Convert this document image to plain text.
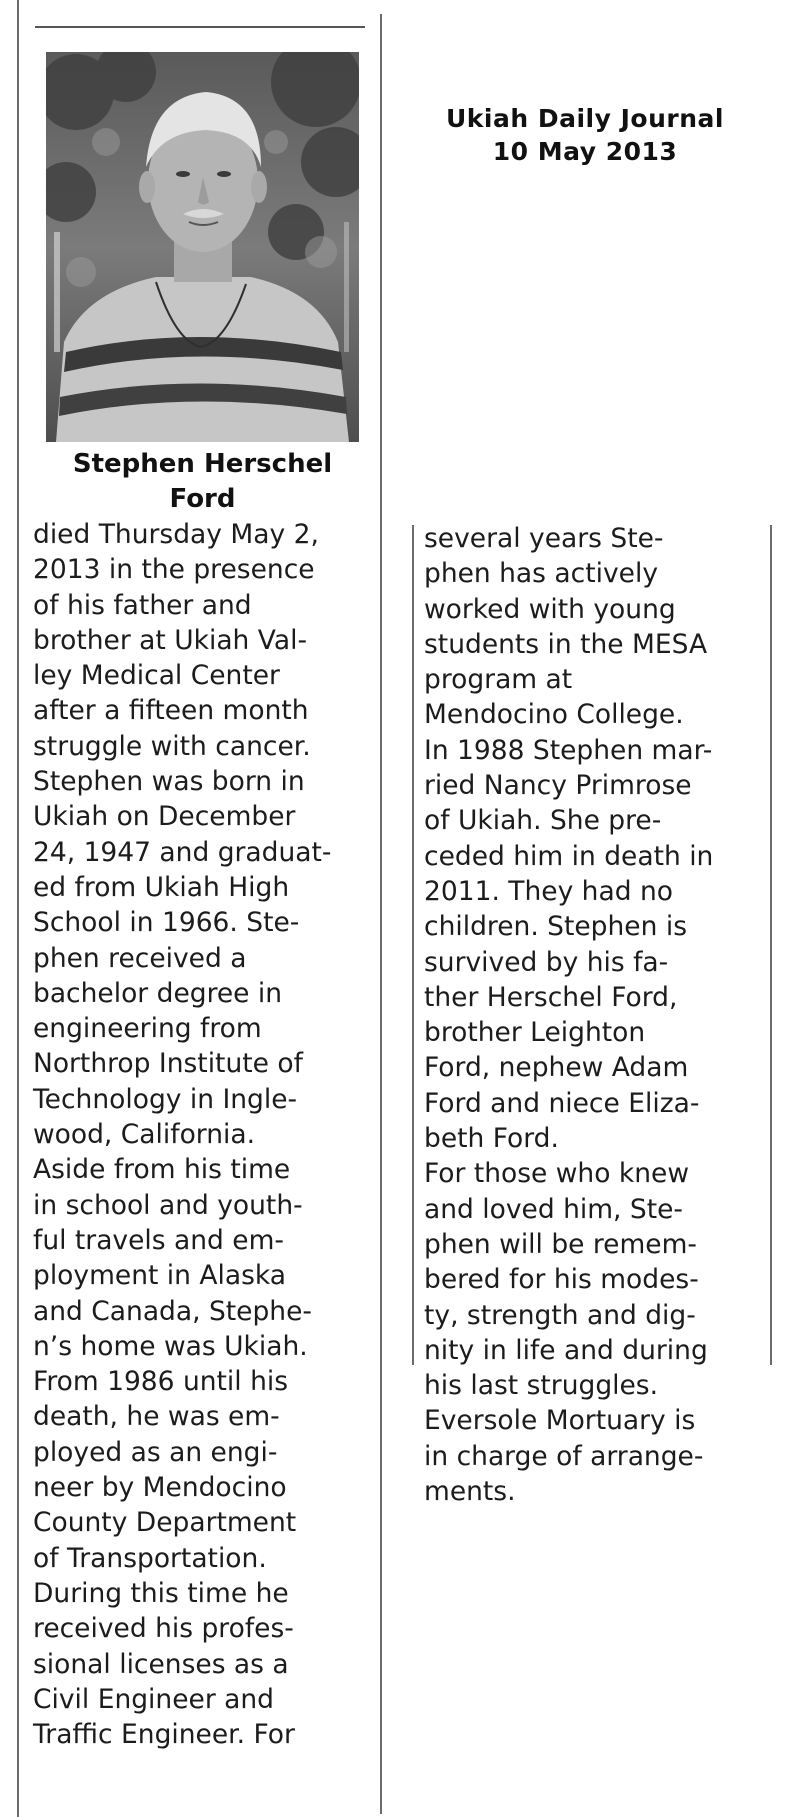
Ukiah Daily Journal
10 May 2013
Stephen Herschel
Ford
died Thursday May 2,
2013 in the presence
of his father and
brother at Ukiah Val-
ley Medical Center
after a fifteen month
struggle with cancer.
Stephen was born in
Ukiah on December
24, 1947 and graduat-
ed from Ukiah High
School in 1966. Ste-
phen received a
bachelor degree in
engineering from
Northrop Institute of
Technology in Ingle-
wood, California.
Aside from his time
in school and youth-
ful travels and em-
ployment in Alaska
and Canada, Stephe-
n’s home was Ukiah.
From 1986 until his
death, he was em-
ployed as an engi-
neer by Mendocino
County Department
of Transportation.
During this time he
received his profes-
sional licenses as a
Civil Engineer and
Traffic Engineer. For
several years Ste-
phen has actively
worked with young
students in the MESA
program at
Mendocino College.
In 1988 Stephen mar-
ried Nancy Primrose
of Ukiah. She pre-
ceded him in death in
2011. They had no
children. Stephen is
survived by his fa-
ther Herschel Ford,
brother Leighton
Ford, nephew Adam
Ford and niece Eliza-
beth Ford.
For those who knew
and loved him, Ste-
phen will be remem-
bered for his modes-
ty, strength and dig-
nity in life and during
his last struggles.
Eversole Mortuary is
in charge of arrange-
ments.
